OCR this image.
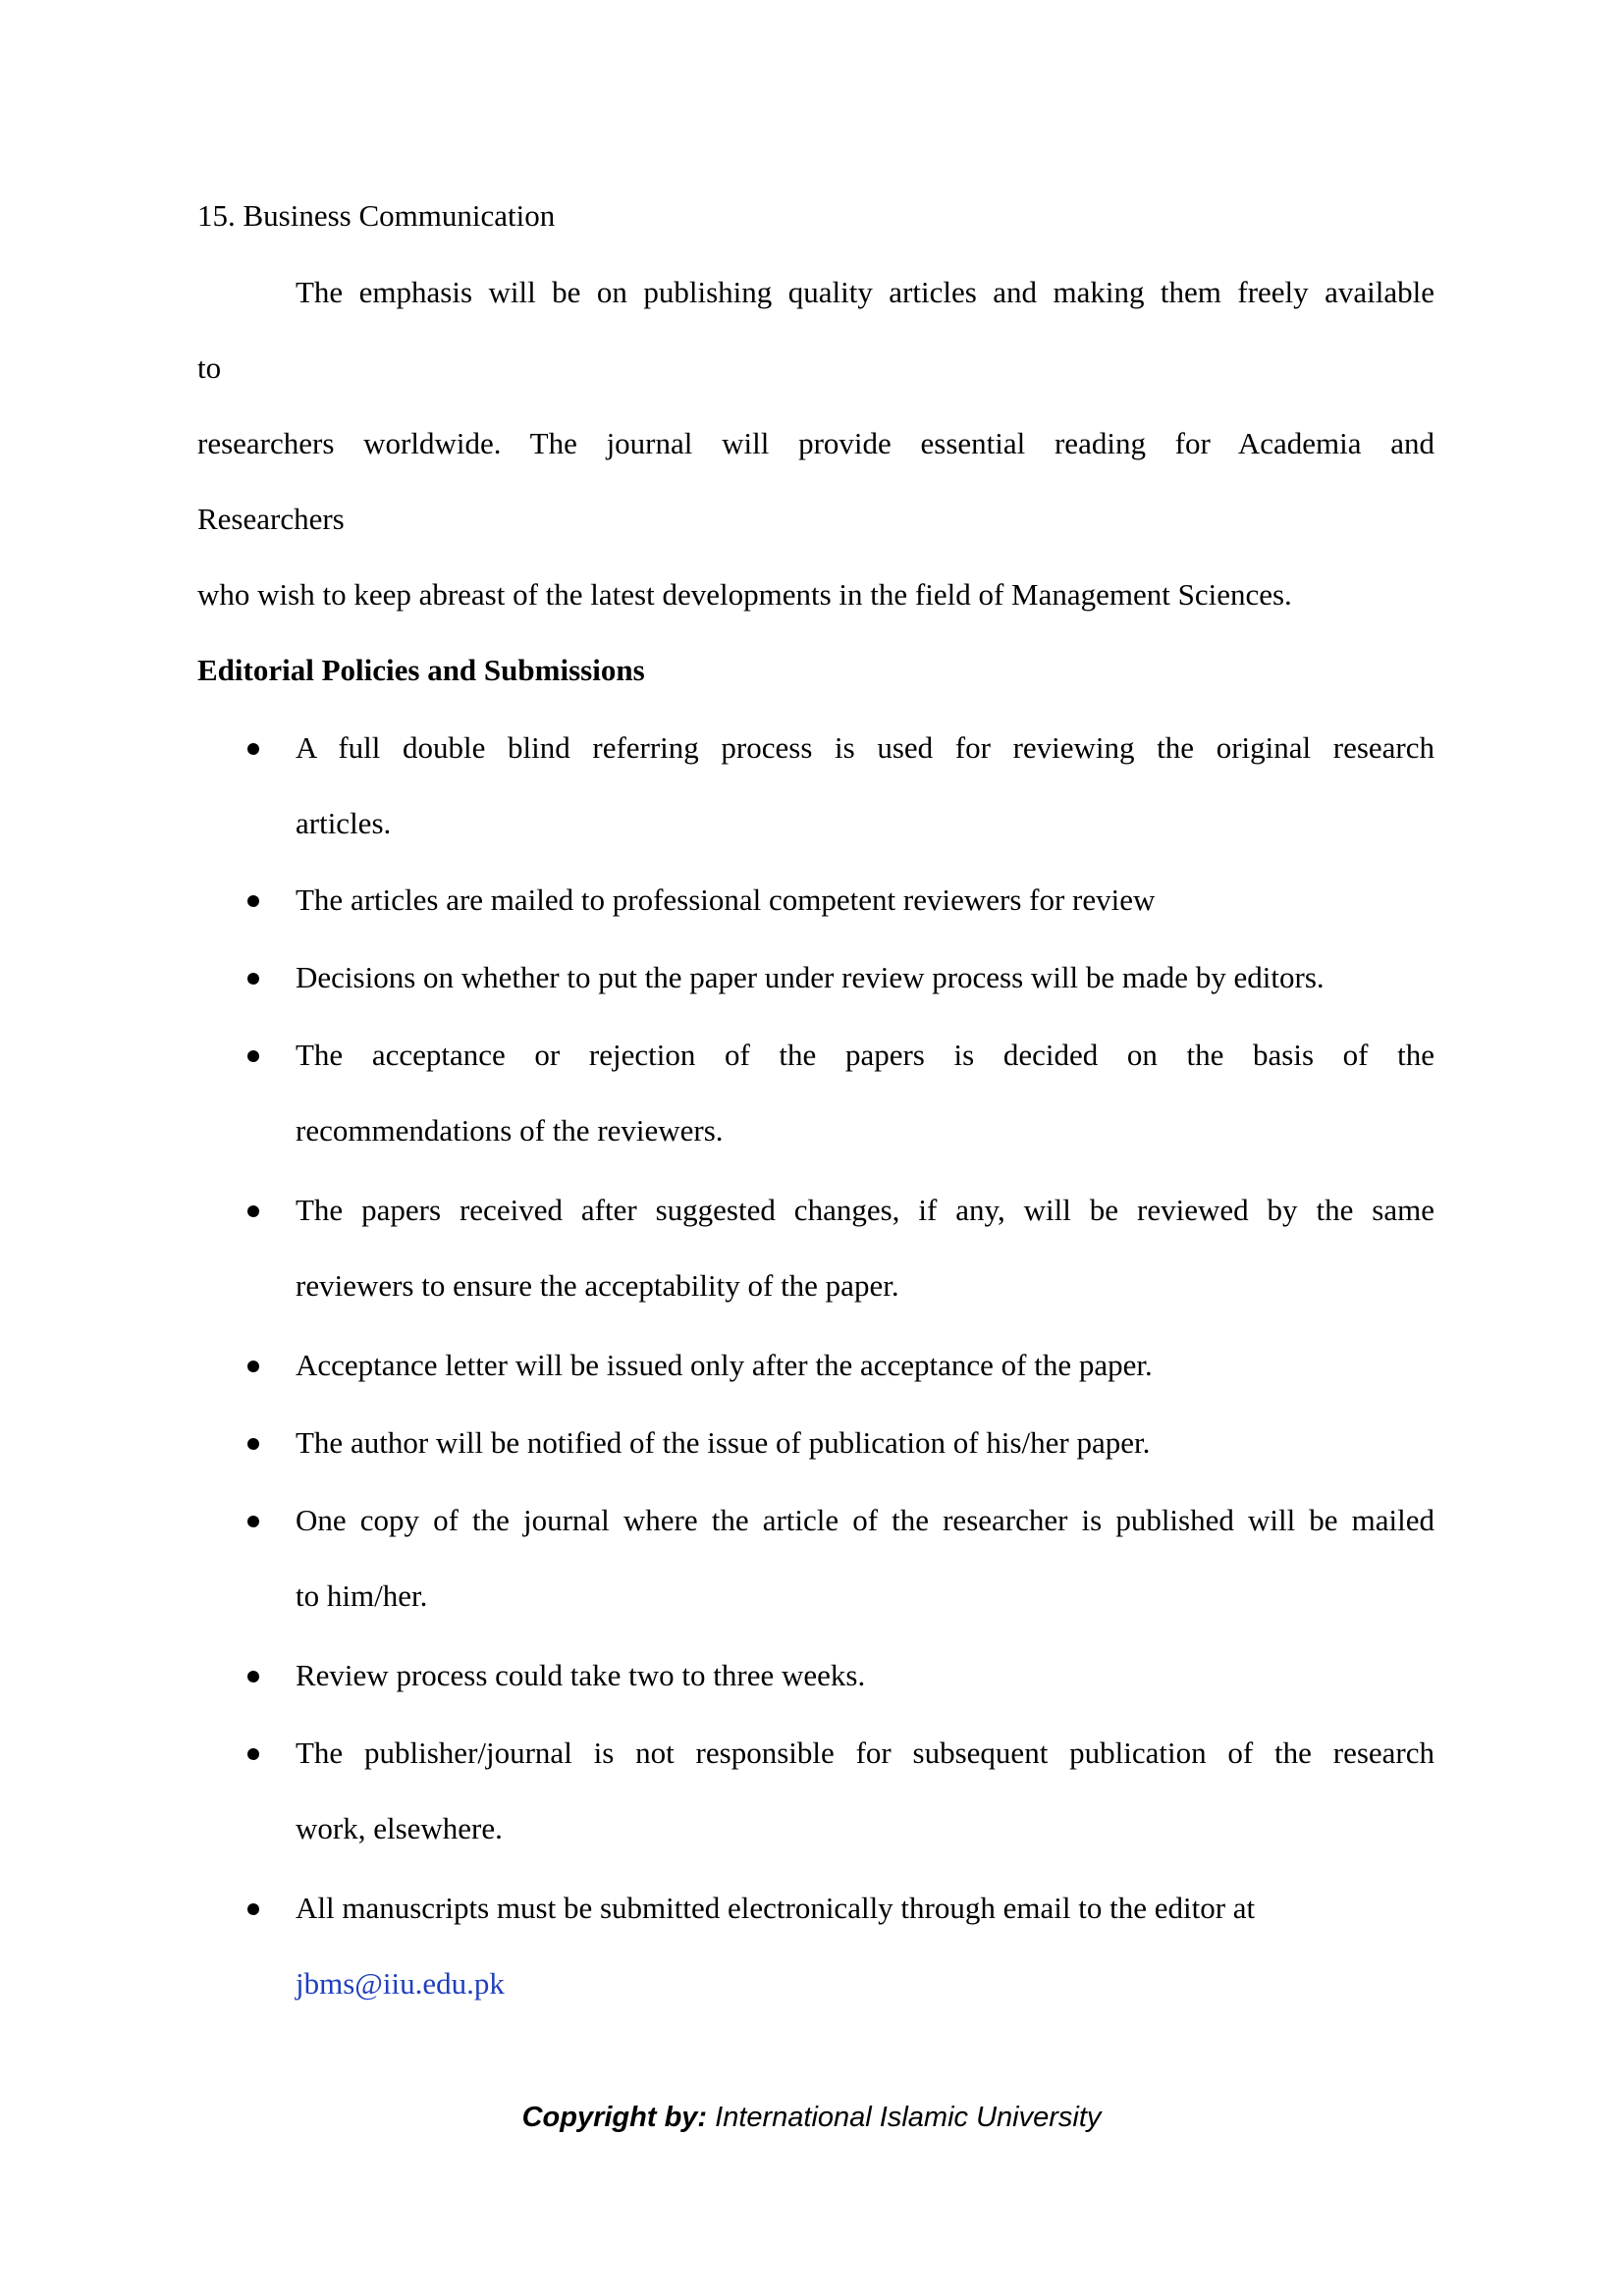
15. Business Communication
The emphasis will be on publishing quality articles and making them freely available
to
researchers worldwide. The journal will provide essential reading for Academia and
Researchers
who wish to keep abreast of the latest developments in the field of Management Sciences.
Editorial Policies and Submissions
A full double blind referring process is used for reviewing the original research
articles.
The articles are mailed to professional competent reviewers for review
Decisions on whether to put the paper under review process will be made by editors.
The acceptance or rejection of the papers is decided on the basis of the
recommendations of the reviewers.
The papers received after suggested changes, if any, will be reviewed by the same
reviewers to ensure the acceptability of the paper.
Acceptance letter will be issued only after the acceptance of the paper.
The author will be notified of the issue of publication of his/her paper.
One copy of the journal where the article of the researcher is published will be mailed
to him/her.
Review process could take two to three weeks.
The publisher/journal is not responsible for subsequent publication of the research
work, elsewhere.
All manuscripts must be submitted electronically through email to the editor at
jbms@iiu.edu.pk
Copyright by: International Islamic University
